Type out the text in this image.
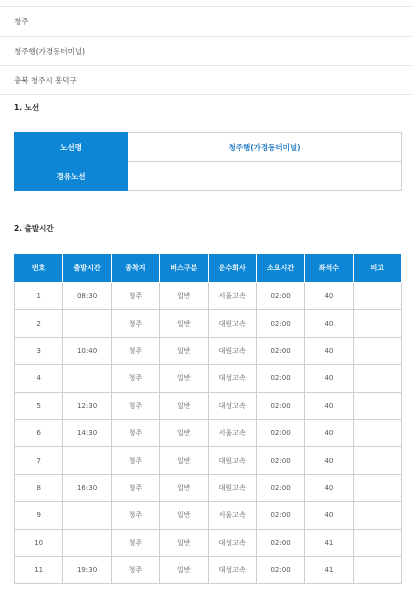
청주
청주행(가경동터미널)
충북 청주시 흥덕구
1. 노선
노선명	청주행(가경동터미널)
경유노선	
2. 출발시간
번호	출발시간	종착지	버스구분	운수회사	소요시간	좌석수	비고
1	08:30	청주	일반	서울고속	02:00	40	
2		청주	일반	대원고속	02:00	40	
3	10:40	청주	일반	대원고속	02:00	40	
4		청주	일반	대성고속	02:00	40	
5	12:30	청주	일반	대성고속	02:00	40	
6	14:30	청주	일반	서울고속	02:00	40	
7		청주	일반	대원고속	02:00	40	
8	16:30	청주	일반	대원고속	02:00	40	
9		청주	일반	서울고속	02:00	40	
10		청주	일반	대성고속	02:00	41	
11	19:30	청주	일반	대성고속	02:00	41	
